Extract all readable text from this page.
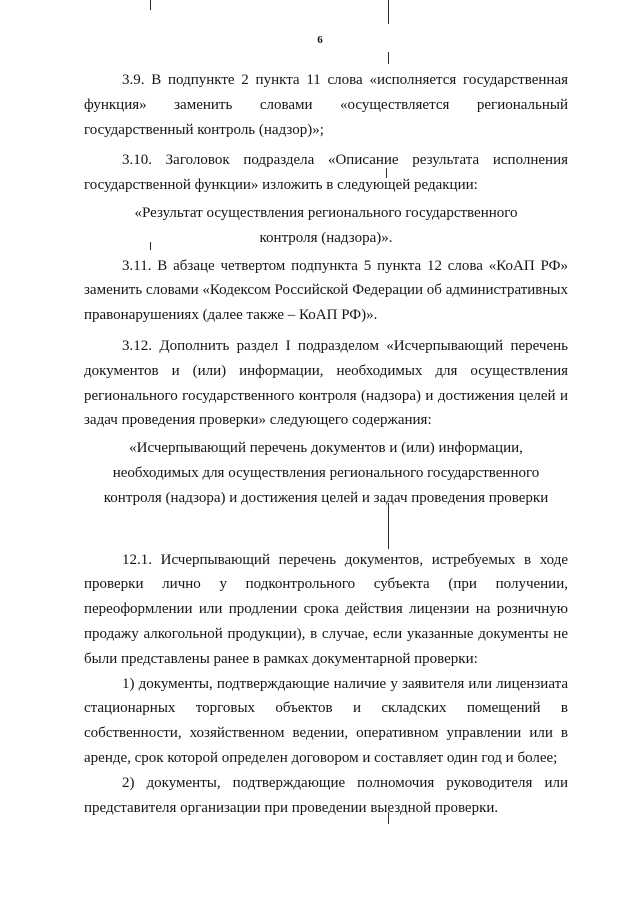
6

3.9. В подпункте 2 пункта 11 слова «исполняется государственная функция» заменить словами «осуществляется региональный государственный контроль (надзор)»;

3.10. Заголовок подраздела «Описание результата исполнения государственной функции» изложить в следующей редакции:

«Результат осуществления регионального государственного
контроля (надзора)».

3.11. В абзаце четвертом подпункта 5 пункта 12 слова «КоАП РФ» заменить словами «Кодексом Российской Федерации об административных правонарушениях (далее также – КоАП РФ)».

3.12. Дополнить раздел I подразделом «Исчерпывающий перечень документов и (или) информации, необходимых для осуществления регионального государственного контроля (надзора) и достижения целей и задач проведения проверки» следующего содержания:

«Исчерпывающий перечень документов и (или) информации,
необходимых для осуществления регионального государственного
контроля (надзора) и достижения целей и задач проведения проверки

12.1. Исчерпывающий перечень документов, истребуемых в ходе проверки лично у подконтрольного субъекта (при получении, переоформлении или продлении срока действия лицензии на розничную продажу алкогольной продукции), в случае, если указанные документы не были представлены ранее в рамках документарной проверки:

1) документы, подтверждающие наличие у заявителя или лицензиата стационарных торговых объектов и складских помещений в собственности, хозяйственном ведении, оперативном управлении или в аренде, срок которой определен договором и составляет один год и более;

2) документы, подтверждающие полномочия руководителя или представителя организации при проведении выездной проверки.
